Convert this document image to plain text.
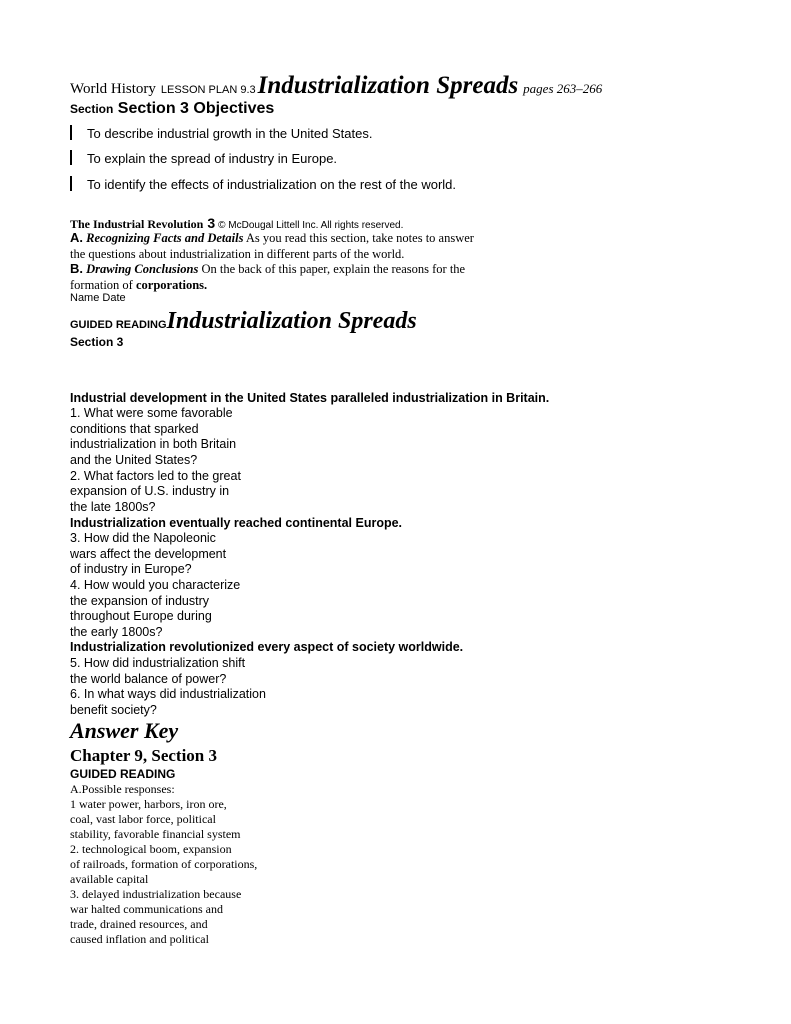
World History LESSON PLAN 9.3Industrialization Spreads pages 263–266
Section Section 3 Objectives
To describe industrial growth in the United States.
To explain the spread of industry in Europe.
To identify the effects of industrialization on the rest of the world.
The Industrial Revolution 3 © McDougal Littell Inc. All rights reserved.
A. Recognizing Facts and Details As you read this section, take notes to answer
the questions about industrialization in different parts of the world.
B. Drawing Conclusions On the back of this paper, explain the reasons for the
formation of corporations.
Name Date
GUIDED READINGIndustrialization Spreads
Section 3
Industrial development in the United States paralleled industrialization in Britain.
1. What were some favorable
conditions that sparked
industrialization in both Britain
and the United States?
2. What factors led to the great
expansion of U.S. industry in
the late 1800s?
Industrialization eventually reached continental Europe.
3. How did the Napoleonic
wars affect the development
of industry in Europe?
4. How would you characterize
the expansion of industry
throughout Europe during
the early 1800s?
Industrialization revolutionized every aspect of society worldwide.
5. How did industrialization shift
the world balance of power?
6. In what ways did industrialization
benefit society?
Answer Key
Chapter 9, Section 3
GUIDED READING
A.Possible responses:
1 water power, harbors, iron ore,
coal, vast labor force, political
stability, favorable financial system
2. technological boom, expansion
of railroads, formation of corporations,
available capital
3. delayed industrialization because
war halted communications and
trade, drained resources, and
caused inflation and political
